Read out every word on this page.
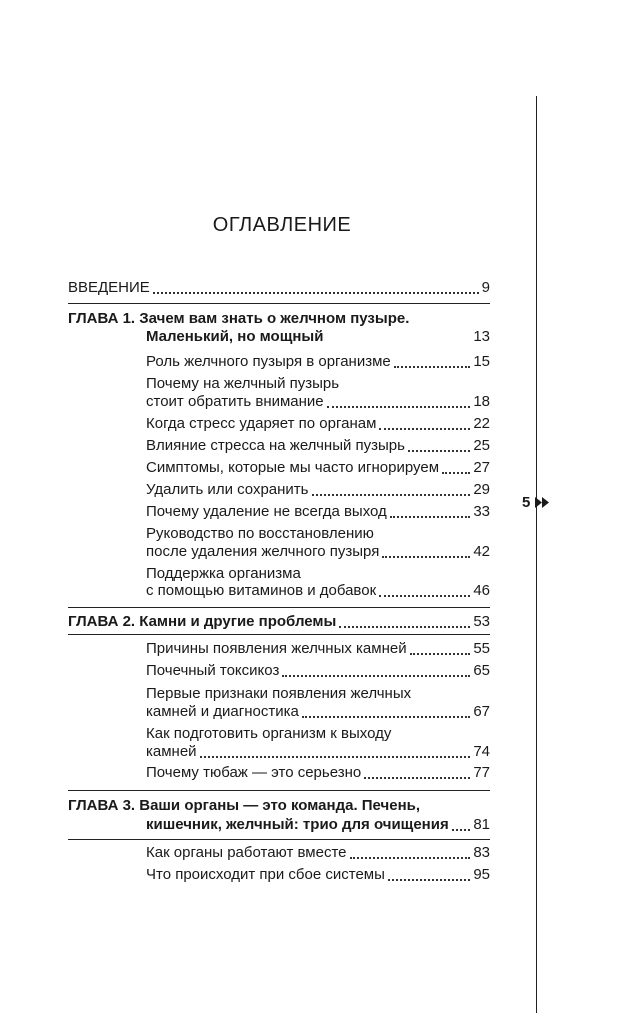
ОГЛАВЛЕНИЕ
ВВЕДЕНИЕ	9
ГЛАВА 1. Зачем вам знать о желчном пузыре.
Маленький, но мощный	13
Роль желчного пузыря в организме	15
Почему на желчный пузырь
стоит обратить внимание	18
Когда стресс ударяет по органам	22
Влияние стресса на желчный пузырь	25
Симптомы, которые мы часто игнорируем 27
Удалить или сохранить	29
Почему удаление не всегда выход	33
Руководство по восстановлению
после удаления желчного пузыря	42
Поддержка организма
с помощью витаминов и добавок	46
ГЛАВА 2. Камни и другие проблемы	53
Причины появления желчных камней	55
Почечный токсикоз	65
Первые признаки появления желчных
камней и диагностика	67
Как подготовить организм к выходу
камней	74
Почему тюбаж — это серьезно	77
ГЛАВА 3. Ваши органы — это команда. Печень,
кишечник, желчный: трио для очищения 81
Как органы работают вместе	83
Что происходит при сбое системы	95
5
